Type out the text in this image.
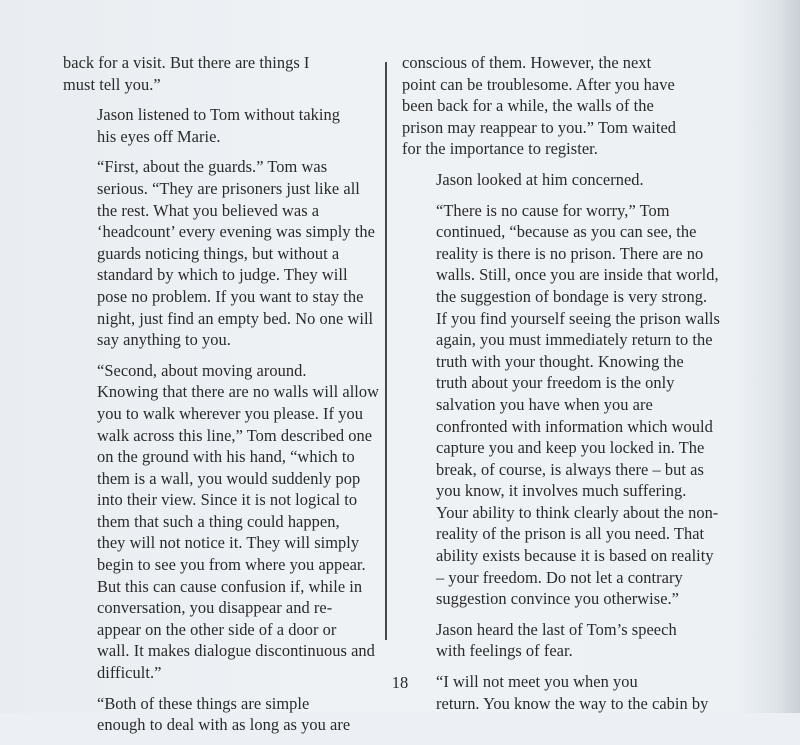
back for a visit. But there are things I
must tell you.”

Jason listened to Tom without taking
his eyes off Marie.

“First, about the guards.” Tom was
serious. “They are prisoners just like all
the rest. What you believed was a
‘headcount’ every evening was simply the
guards noticing things, but without a
standard by which to judge. They will
pose no problem. If you want to stay the
night, just find an empty bed. No one will
say anything to you.

“Second, about moving around.
Knowing that there are no walls will allow
you to walk wherever you please. If you
walk across this line,” Tom described one
on the ground with his hand, “which to
them is a wall, you would suddenly pop
into their view. Since it is not logical to
them that such a thing could happen,
they will not notice it. They will simply
begin to see you from where you appear.
But this can cause confusion if, while in
conversation, you disappear and re-
appear on the other side of a door or
wall. It makes dialogue discontinuous and
difficult.”

“Both of these things are simple
enough to deal with as long as you are

conscious of them. However, the next
point can be troublesome. After you have
been back for a while, the walls of the
prison may reappear to you.” Tom waited
for the importance to register.

Jason looked at him concerned.

“There is no cause for worry,” Tom
continued, “because as you can see, the
reality is there is no prison. There are no
walls. Still, once you are inside that world,
the suggestion of bondage is very strong.
If you find yourself seeing the prison walls
again, you must immediately return to the
truth with your thought. Knowing the
truth about your freedom is the only
salvation you have when you are
confronted with information which would
capture you and keep you locked in. The
break, of course, is always there – but as
you know, it involves much suffering.
Your ability to think clearly about the non-
reality of the prison is all you need. That
ability exists because it is based on reality
– your freedom. Do not let a contrary
suggestion convince you otherwise.”

Jason heard the last of Tom’s speech
with feelings of fear.

“I will not meet you when you
return. You know the way to the cabin by

18
